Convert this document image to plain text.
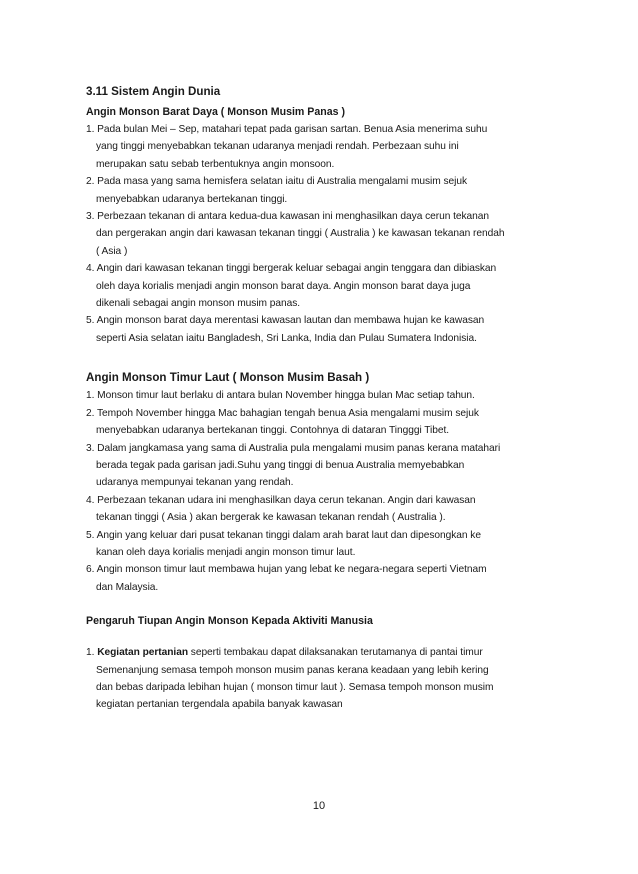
3.11 Sistem Angin Dunia
Angin Monson Barat Daya ( Monson Musim Panas )
1. Pada bulan Mei – Sep, matahari tepat pada garisan sartan. Benua Asia menerima suhu yang tinggi menyebabkan tekanan udaranya menjadi rendah. Perbezaan suhu ini merupakan satu sebab terbentuknya angin monsoon.
2. Pada masa yang sama hemisfera selatan iaitu di Australia mengalami musim sejuk menyebabkan udaranya bertekanan tinggi.
3. Perbezaan tekanan di antara kedua-dua kawasan ini menghasilkan daya cerun tekanan dan pergerakan angin dari kawasan tekanan tinggi ( Australia ) ke kawasan tekanan rendah ( Asia )
4. Angin dari kawasan tekanan tinggi bergerak keluar sebagai angin tenggara dan dibiaskan oleh daya korialis menjadi angin monson barat daya. Angin monson barat daya juga dikenali sebagai angin monson musim panas.
5. Angin monson barat daya merentasi kawasan lautan dan membawa hujan ke kawasan seperti Asia selatan iaitu Bangladesh, Sri Lanka, India dan Pulau Sumatera Indonisia.
Angin Monson Timur Laut ( Monson Musim Basah )
1. Monson timur laut berlaku di antara bulan November hingga bulan Mac setiap tahun.
2. Tempoh November hingga Mac bahagian tengah benua Asia mengalami musim sejuk menyebabkan udaranya bertekanan tinggi. Contohnya di dataran Tingggi Tibet.
3. Dalam jangkamasa yang sama di Australia pula mengalami musim panas kerana matahari berada tegak pada garisan jadi.Suhu yang tinggi di benua Australia memyebabkan udaranya mempunyai tekanan yang rendah.
4. Perbezaan tekanan udara ini menghasilkan daya cerun tekanan. Angin dari kawasan tekanan tinggi ( Asia ) akan bergerak ke kawasan tekanan rendah ( Australia ).
5. Angin yang keluar dari pusat tekanan tinggi dalam arah barat laut dan dipesongkan ke kanan oleh daya korialis menjadi angin monson timur laut.
6. Angin monson timur laut membawa hujan yang lebat ke negara-negara seperti Vietnam dan Malaysia.
Pengaruh Tiupan Angin Monson Kepada Aktiviti Manusia
1. Kegiatan pertanian seperti tembakau dapat dilaksanakan terutamanya di pantai timur Semenanjung semasa tempoh monson musim panas kerana keadaan yang lebih kering dan bebas daripada lebihan hujan ( monson timur laut ). Semasa tempoh monson musim kegiatan pertanian tergendala apabila banyak kawasan
10
